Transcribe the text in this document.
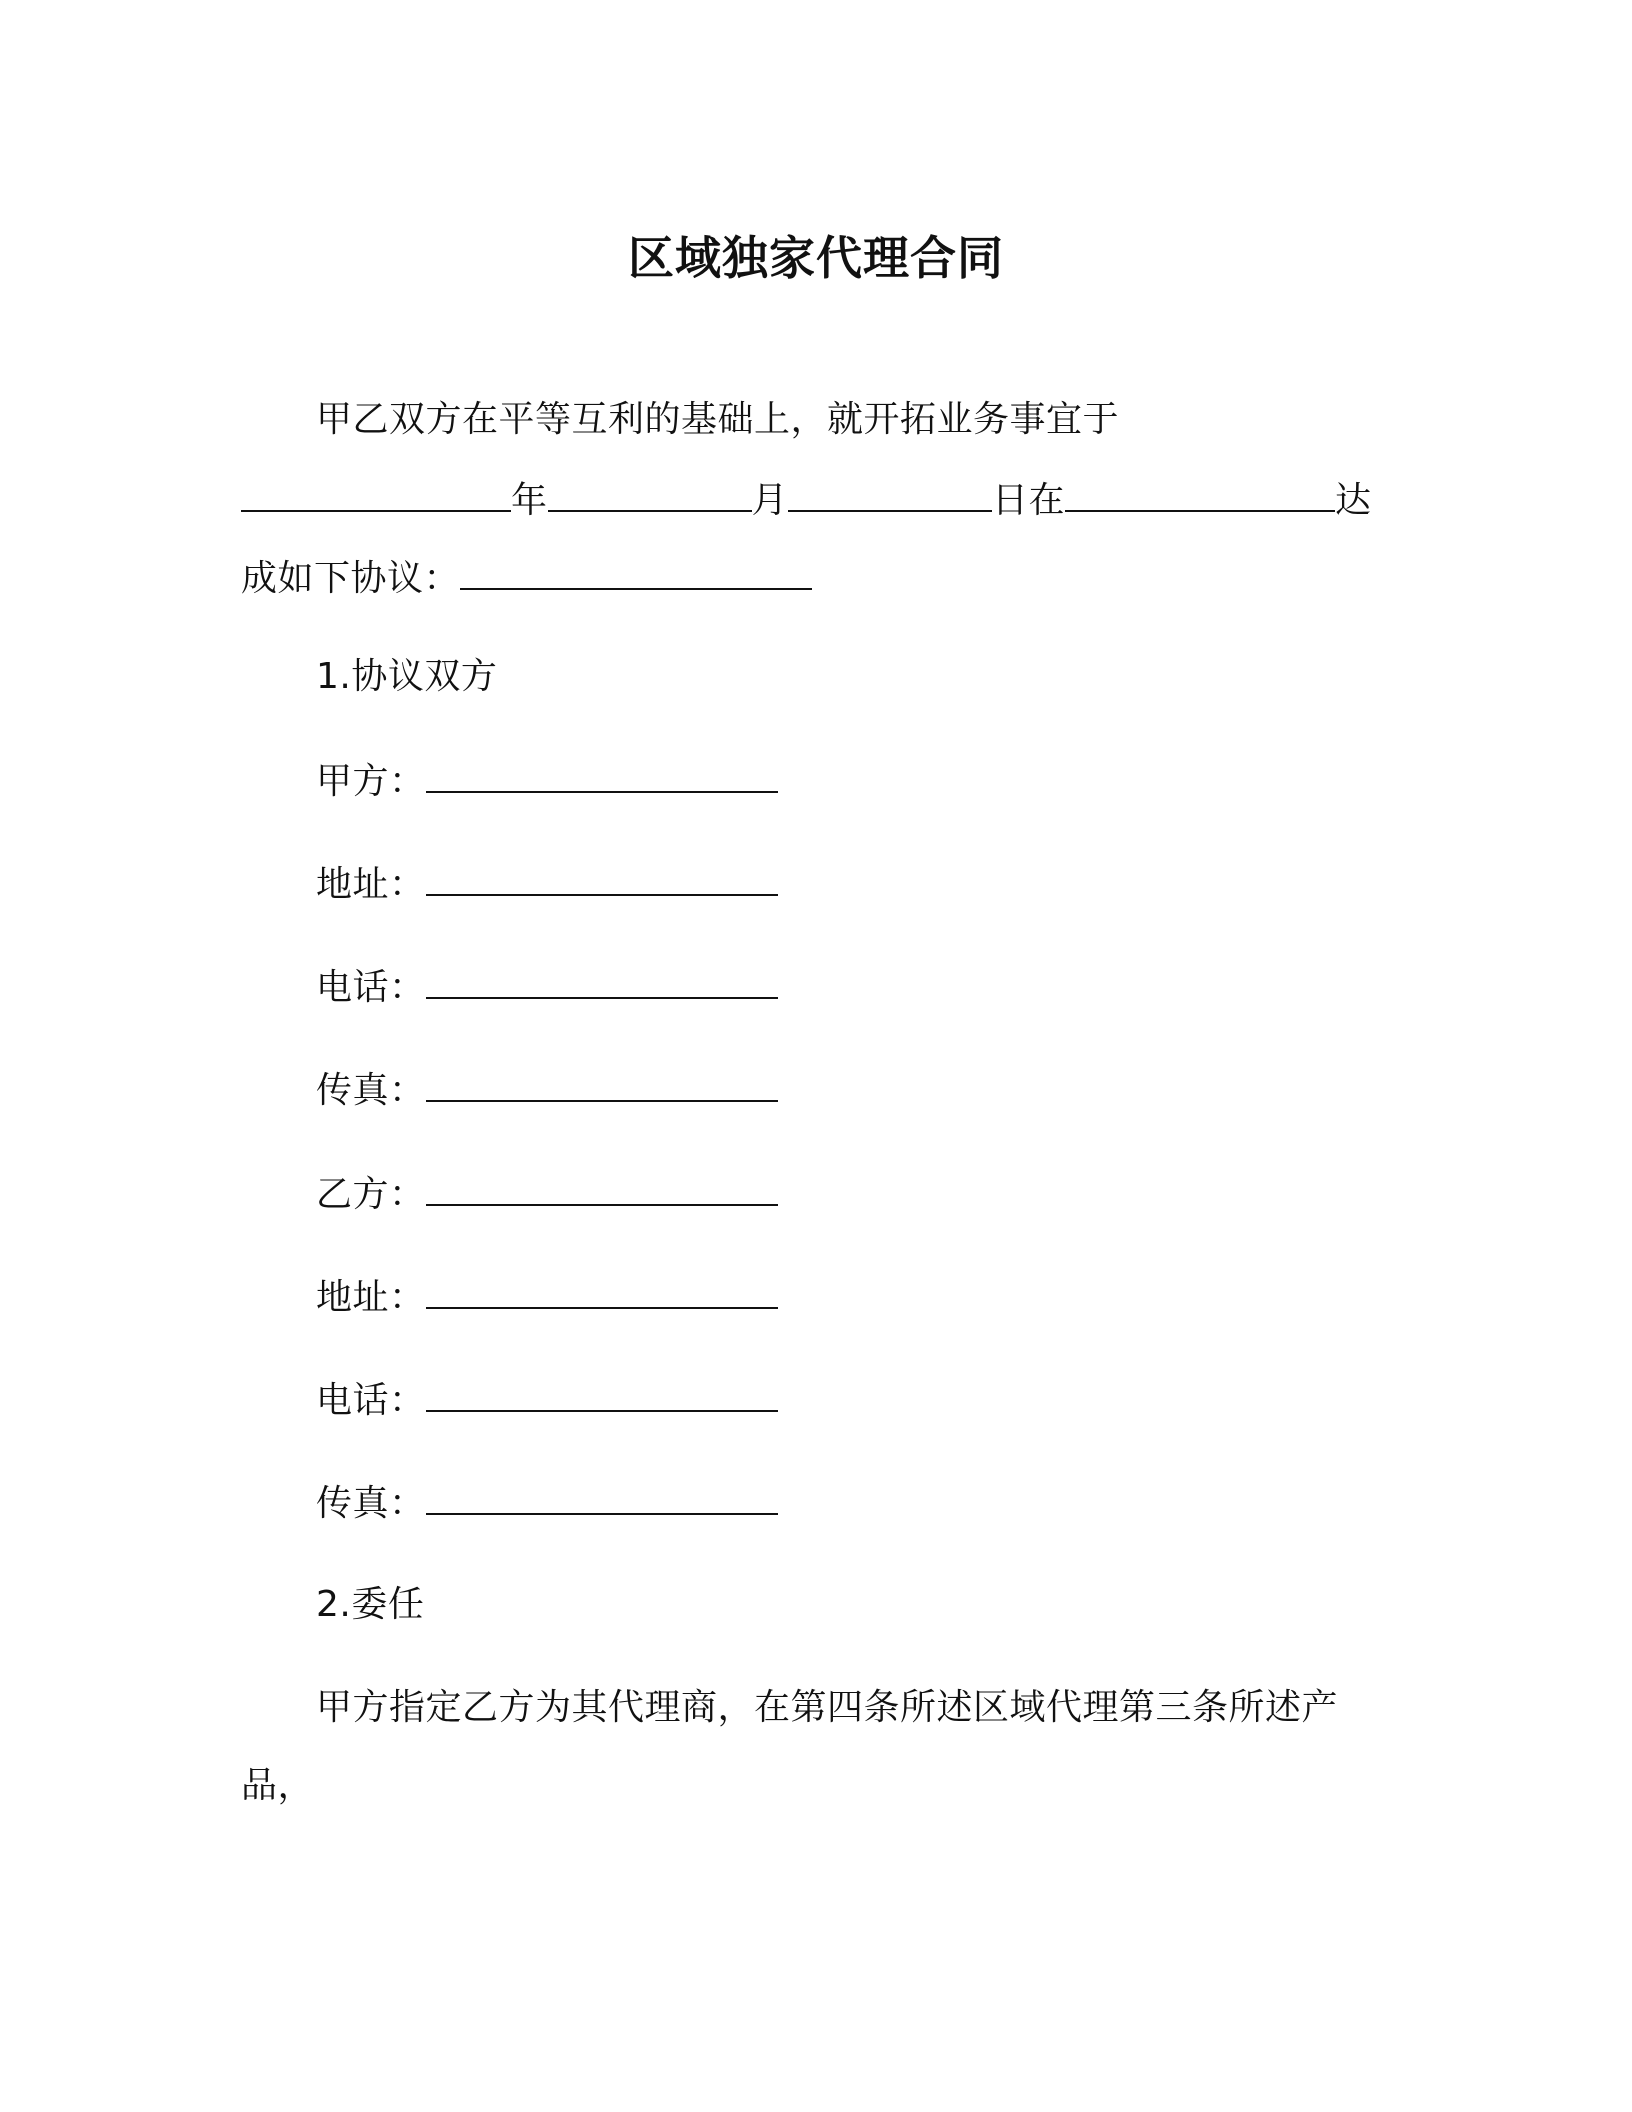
区域独家代理合同
甲乙双方在平等互利的基础上，就开拓业务事宜于
年	月	日在	达
成如下协议：
1.协议双方
甲方：
地址：
电话：
传真：
乙方：
地址：
电话：
传真：
2.委任
甲方指定乙方为其代理商，在第四条所述区域代理第三条所述产
品，
